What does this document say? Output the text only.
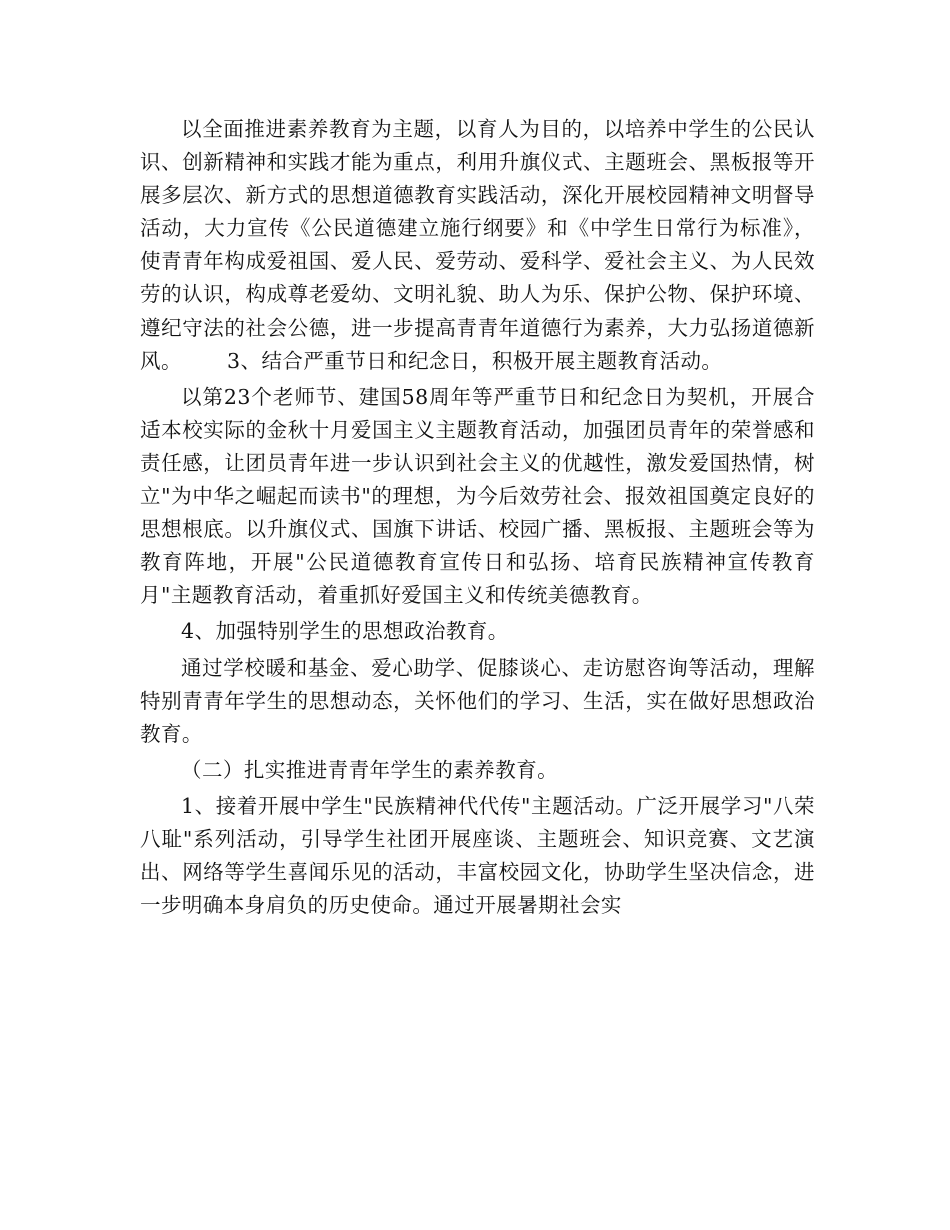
以全面推进素养教育为主题，以育人为目的，以培养中学生的公民认识、创新精神和实践才能为重点，利用升旗仪式、主题班会、黑板报等开展多层次、新方式的思想道德教育实践活动，深化开展校园精神文明督导活动，大力宣传《公民道德建立施行纲要》和《中学生日常行为标准》，使青青年构成爱祖国、爱人民、爱劳动、爱科学、爱社会主义、为人民效劳的认识，构成尊老爱幼、文明礼貌、助人为乐、保护公物、保护环境、遵纪守法的社会公德，进一步提高青青年道德行为素养，大力弘扬道德新风。 3、结合严重节日和纪念日，积极开展主题教育活动。

以第23个老师节、建国58周年等严重节日和纪念日为契机，开展合适本校实际的金秋十月爱国主义主题教育活动，加强团员青年的荣誉感和责任感，让团员青年进一步认识到社会主义的优越性，激发爱国热情，树立"为中华之崛起而读书"的理想，为今后效劳社会、报效祖国奠定良好的思想根底。以升旗仪式、国旗下讲话、校园广播、黑板报、主题班会等为教育阵地，开展"公民道德教育宣传日和弘扬、培育民族精神宣传教育月"主题教育活动，着重抓好爱国主义和传统美德教育。

4、加强特别学生的思想政治教育。

通过学校暖和基金、爱心助学、促膝谈心、走访慰咨询等活动，理解特别青青年学生的思想动态，关怀他们的学习、生活，实在做好思想政治教育。

（二）扎实推进青青年学生的素养教育。

1、接着开展中学生"民族精神代代传"主题活动。广泛开展学习"八荣八耻"系列活动，引导学生社团开展座谈、主题班会、知识竞赛、文艺演出、网络等学生喜闻乐见的活动，丰富校园文化，协助学生坚决信念，进一步明确本身肩负的历史使命。通过开展暑期社会实
